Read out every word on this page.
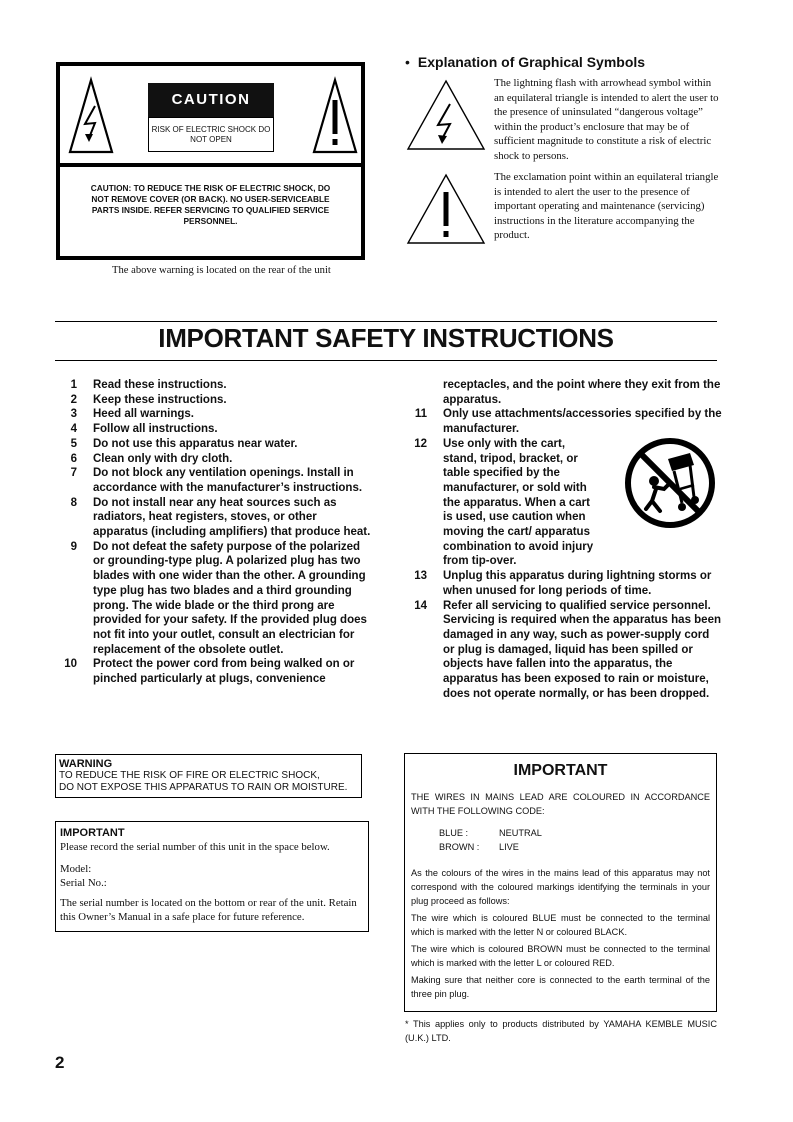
CAUTION
RISK OF ELECTRIC SHOCK DO NOT OPEN
CAUTION: TO REDUCE THE RISK OF ELECTRIC SHOCK, DO NOT REMOVE COVER (OR BACK). NO USER-SERVICEABLE PARTS INSIDE. REFER SERVICING TO QUALIFIED SERVICE PERSONNEL.
The above warning is located on the rear of the unit
• Explanation of Graphical Symbols
The lightning flash with arrowhead symbol within an equilateral triangle is intended to alert the user to the presence of uninsulated “dangerous voltage” within the product’s enclosure that may be of sufficient magnitude to constitute a risk of electric shock to persons.
The exclamation point within an equilateral triangle is intended to alert the user to the presence of important operating and maintenance (servicing) instructions in the literature accompanying the product.
IMPORTANT SAFETY INSTRUCTIONS
1 Read these instructions.
2 Keep these instructions.
3 Heed all warnings.
4 Follow all instructions.
5 Do not use this apparatus near water.
6 Clean only with dry cloth.
7 Do not block any ventilation openings. Install in accordance with the manufacturer’s instructions.
8 Do not install near any heat sources such as radiators, heat registers, stoves, or other apparatus (including amplifiers) that produce heat.
9 Do not defeat the safety purpose of the polarized or grounding-type plug. A polarized plug has two blades with one wider than the other. A grounding type plug has two blades and a third grounding prong. The wide blade or the third prong are provided for your safety. If the provided plug does not fit into your outlet, consult an electrician for replacement of the obsolete outlet.
10 Protect the power cord from being walked on or pinched particularly at plugs, convenience
receptacles, and the point where they exit from the apparatus.
11 Only use attachments/accessories specified by the manufacturer.
12 Use only with the cart, stand, tripod, bracket, or table specified by the manufacturer, or sold with the apparatus. When a cart is used, use caution when moving the cart/ apparatus combination to avoid injury from tip-over.
13 Unplug this apparatus during lightning storms or when unused for long periods of time.
14 Refer all servicing to qualified service personnel. Servicing is required when the apparatus has been damaged in any way, such as power-supply cord or plug is damaged, liquid has been spilled or objects have fallen into the apparatus, the apparatus has been exposed to rain or moisture, does not operate normally, or has been dropped.
WARNING
TO REDUCE THE RISK OF FIRE OR ELECTRIC SHOCK,
DO NOT EXPOSE THIS APPARATUS TO RAIN OR MOISTURE.
IMPORTANT
Please record the serial number of this unit in the space below.
Model:
Serial No.:
The serial number is located on the bottom or rear of the unit. Retain this Owner’s Manual in a safe place for future reference.
IMPORTANT
THE WIRES IN MAINS LEAD ARE COLOURED IN ACCORDANCE WITH THE FOLLOWING CODE:
BLUE :	NEUTRAL
BROWN :	LIVE
As the colours of the wires in the mains lead of this apparatus may not correspond with the coloured markings identifying the terminals in your plug proceed as follows:
The wire which is coloured BLUE must be connected to the terminal which is marked with the letter N or coloured BLACK.
The wire which is coloured BROWN must be connected to the terminal which is marked with the letter L or coloured RED.
Making sure that neither core is connected to the earth terminal of the three pin plug.
* This applies only to products distributed by YAMAHA KEMBLE MUSIC (U.K.) LTD.
2
